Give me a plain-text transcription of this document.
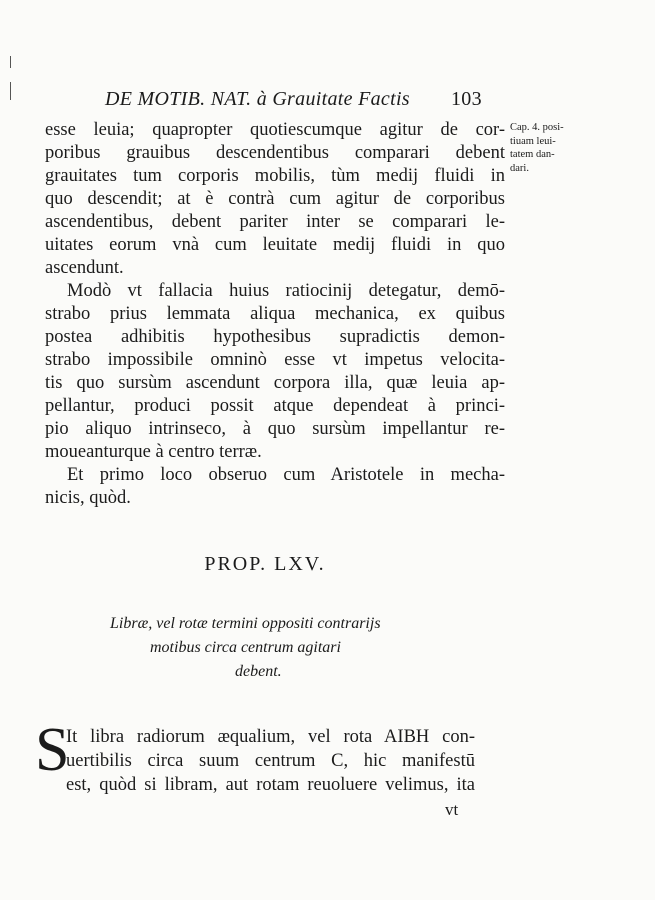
DE MOTIB. NAT. à Grauitate Factis 103
Cap. 4. posi-
tiuam leui-
tatem dan-
dari.
esse leuia; quapropter quotiescumque agitur de cor-
poribus grauibus descendentibus comparari debent
grauitates tum corporis mobilis, tùm medij fluidi in
quo descendit; at è contrà cum agitur de corporibus
ascendentibus, debent pariter inter se comparari le-
uitates eorum vnà cum leuitate medij fluidi in quo
ascendunt.
Modò vt fallacia huius ratiocinij detegatur, demō-
strabo prius lemmata aliqua mechanica, ex quibus
postea adhibitis hypothesibus supradictis demon-
strabo impossibile omninò esse vt impetus velocita-
tis quo sursùm ascendunt corpora illa, quæ leuia ap-
pellantur, produci possit atque dependeat à princi-
pio aliquo intrinseco, à quo sursùm impellantur re-
moueanturque à centro terræ.
Et primo loco obseruo cum Aristotele in mecha-
nicis, quòd.
PROP. LXV.
Libræ, vel rotæ termini oppositi contrarijs
motibus circa centrum agitari
debent.
S
It libra radiorum æqualium, vel rota AIBH con-
uertibilis circa suum centrum C, hic manifestū
est, quòd si libram, aut rotam reuoluere velimus, ita
vt
